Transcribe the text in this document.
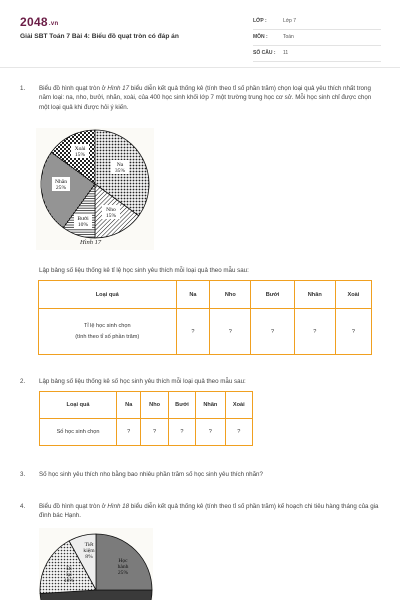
2048.vn
Giải SBT Toán 7 Bài 4: Biểu đồ quạt tròn có đáp án
LỚP :	Lớp 7
MÔN :	Toán
SỐ CÂU : 11
1.	Biểu đồ hình quạt tròn ở Hình 17 biểu diễn kết quả thống kê (tính theo tỉ số phần trăm) chọn loại quả yêu thích nhất trong năm loại: na, nho, bưởi, nhãn, xoài, của 400 học sinh khối lớp 7 một trường trung học cơ sở. Mỗi học sinh chỉ được chọn một loại quả khi được hỏi ý kiến.
Na
35%
Nho
15%
Bưởi
10%
Nhãn
25%
Xoài
15%
Hình 17
Lập bảng số liệu thống kê tỉ lệ học sinh yêu thích mỗi loại quả theo mẫu sau:
Loại quả	Na	Nho	Bưởi	Nhãn	Xoài

Tỉ lệ học sinh chọn
(tính theo tỉ số phần trăm)	?	?	?	?	?
2.	Lập bảng số liệu thống kê số học sinh yêu thích mỗi loại quả theo mẫu sau:
Loại quả	Na	Nho	Bưởi	Nhãn	Xoài
Số học sinh chọn	?	?	?	?	?
3.	Số học sinh yêu thích nho bằng bao nhiêu phần trăm số học sinh yêu thích nhãn?
4.	Biểu đồ hình quạt tròn ở Hình 18 biểu diễn kết quả thống kê (tính theo tỉ số phần trăm) kế hoạch chi tiêu hàng tháng của gia đình bác Hạnh.
Học
hành
25%
Tiết
kiệm
8%
Đi
lại
18%
